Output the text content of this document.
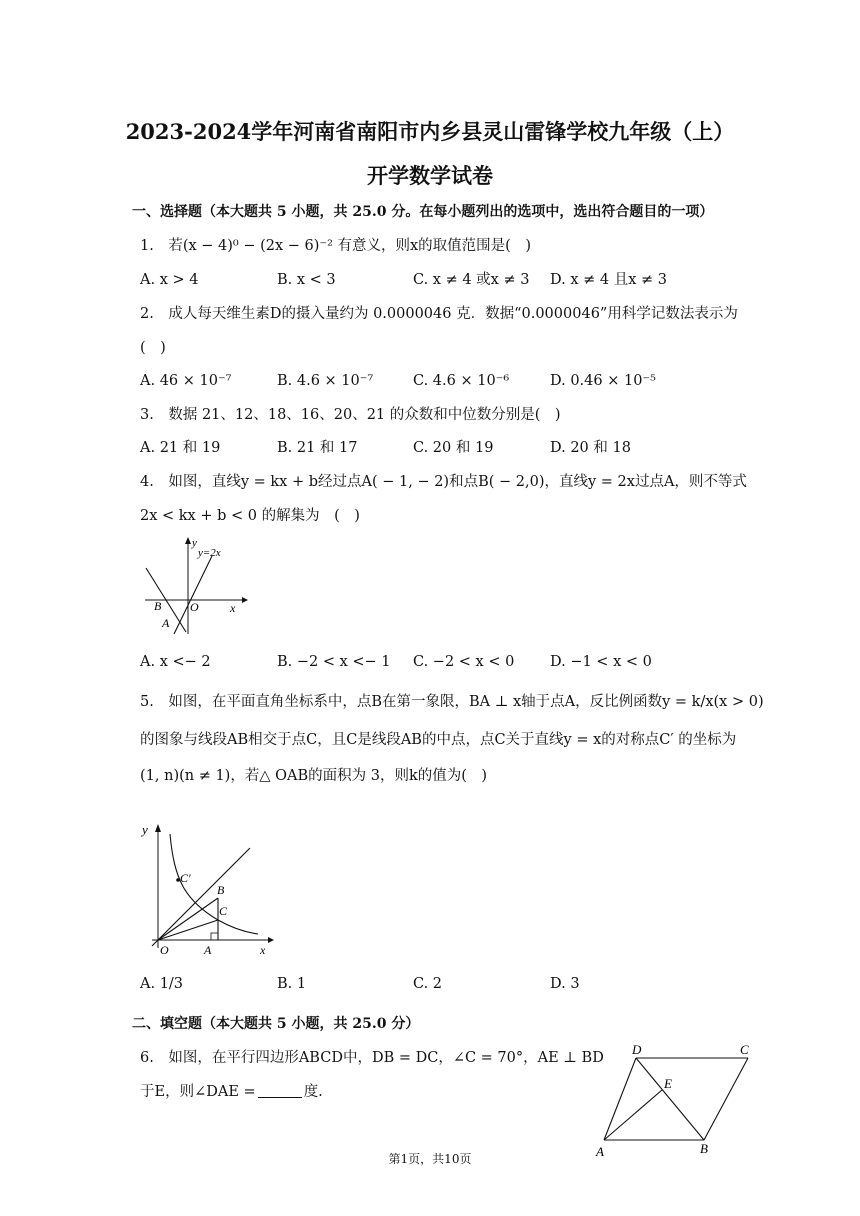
2023-2024学年河南省南阳市内乡县灵山雷锋学校九年级（上）
开学数学试卷
一、选择题（本大题共 5 小题，共 25.0 分。在每小题列出的选项中，选出符合题目的一项）
1.　若(x − 4)⁰ − (2x − 6)⁻² 有意义，则x的取值范围是(　)
A. x > 4	B. x < 3	C. x ≠ 4 或x ≠ 3 D. x ≠ 4 且x ≠ 3
2.　成人每天维生素D的摄入量约为 0.0000046 克．数据“0.0000046”用科学记数法表示为
(　)
A. 46 × 10⁻⁷	B. 4.6 × 10⁻⁷	C. 4.6 × 10⁻⁶	D. 0.46 × 10⁻⁵
3.　数据 21、12、18、16、20、21 的众数和中位数分别是(　)
A. 21 和 19	B. 21 和 17	C. 20 和 19	D. 20 和 18
4.　如图，直线y = kx + b经过点A( − 1, − 2)和点B( − 2,0)，直线y = 2x过点A，则不等式
2x < kx + b < 0 的解集为　(　)
y
y=2x
B O	x
A
A. x <− 2	B. −2 < x <− 1 C. −2 < x < 0 D. −1 < x < 0
5.　如图，在平面直角坐标系中，点B在第一象限，BA ⊥ x轴于点A，反比例函数y = k/x(x > 0)
的图象与线段AB相交于点C，且C是线段AB的中点，点C关于直线y = x的对称点C′ 的坐标为
(1, n)(n ≠ 1)，若△ OAB的面积为 3，则k的值为(　)
y
C′
B
C
O	A	x
A. 1/3	B. 1	C. 2	D. 3
二、填空题（本大题共 5 小题，共 25.0 分）
6.　如图，在平行四边形ABCD中，DB = DC，∠C = 70°，AE ⊥ BD
于E，则∠DAE =	度.
D	C
E
A	B
第1页，共10页
